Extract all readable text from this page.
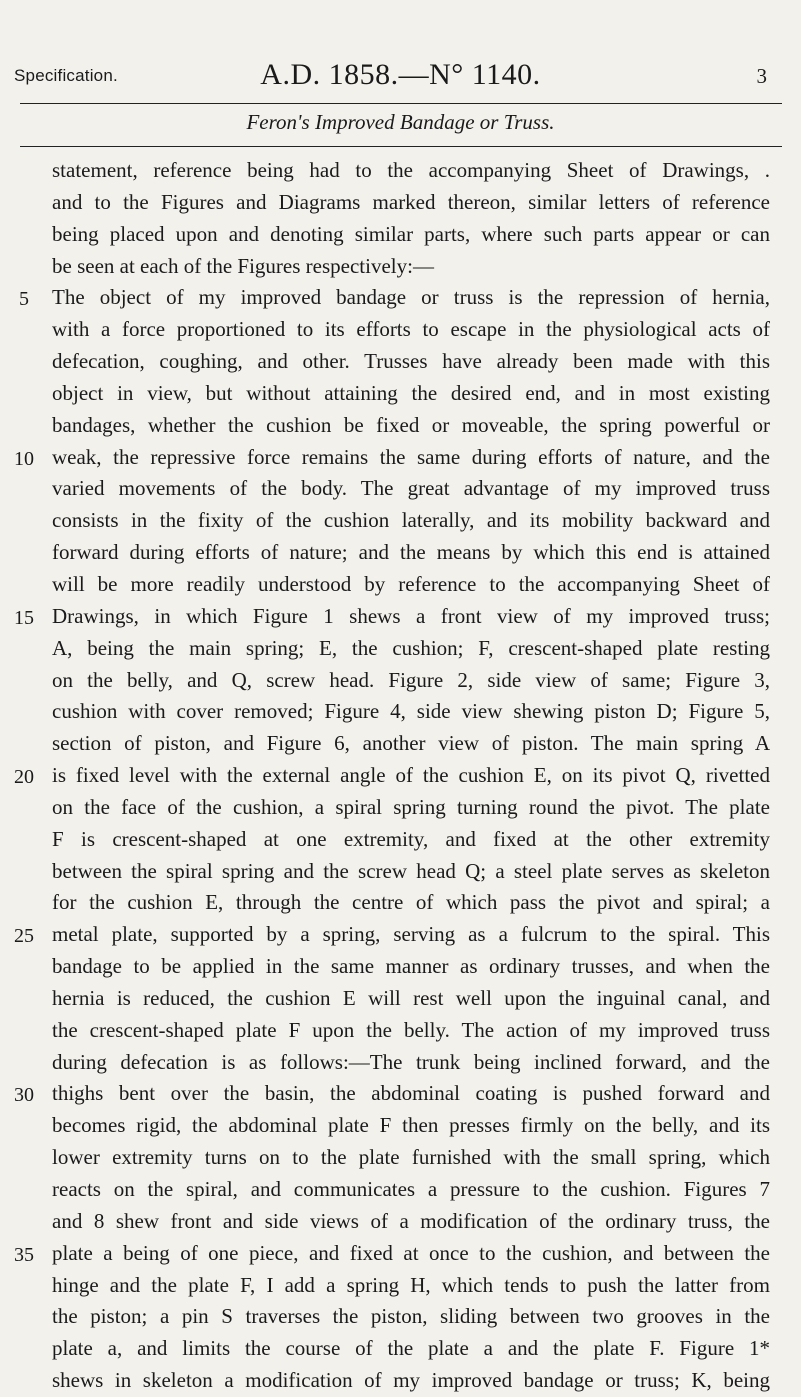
Specification.	A.D. 1858.—N° 1140.	3
Feron's Improved Bandage or Truss.
statement, reference being had to the accompanying Sheet of Drawings, .
and to the Figures and Diagrams marked thereon, similar letters of reference
being placed upon and denoting similar parts, where such parts appear or can
be seen at each of the Figures respectively:—
5	The object of my improved bandage or truss is the repression of hernia,
with a force proportioned to its efforts to escape in the physiological acts of
defecation, coughing, and other. Trusses have already been made with this
object in view, but without attaining the desired end, and in most existing
bandages, whether the cushion be fixed or moveable, the spring powerful or
10 weak, the repressive force remains the same during efforts of nature, and the
varied movements of the body. The great advantage of my improved truss
consists in the fixity of the cushion laterally, and its mobility backward and
forward during efforts of nature; and the means by which this end is attained
will be more readily understood by reference to the accompanying Sheet of
15 Drawings, in which Figure 1 shews a front view of my improved truss;
A, being the main spring; E, the cushion; F, crescent-shaped plate resting
on the belly, and Q, screw head. Figure 2, side view of same; Figure 3,
cushion with cover removed; Figure 4, side view shewing piston D; Figure 5,
section of piston, and Figure 6, another view of piston. The main spring A
20 is fixed level with the external angle of the cushion E, on its pivot Q, rivetted
on the face of the cushion, a spiral spring turning round the pivot. The plate
F is crescent-shaped at one extremity, and fixed at the other extremity
between the spiral spring and the screw head Q; a steel plate serves as skeleton
for the cushion E, through the centre of which pass the pivot and spiral; a
25 metal plate, supported by a spring, serving as a fulcrum to the spiral. This
bandage to be applied in the same manner as ordinary trusses, and when the
hernia is reduced, the cushion E will rest well upon the inguinal canal, and
the crescent-shaped plate F upon the belly. The action of my improved truss
during defecation is as follows:—The trunk being inclined forward, and the
30 thighs bent over the basin, the abdominal coating is pushed forward and
becomes rigid, the abdominal plate F then presses firmly on the belly, and its
lower extremity turns on to the plate furnished with the small spring, which
reacts on the spiral, and communicates a pressure to the cushion. Figures 7
and 8 shew front and side views of a modification of the ordinary truss, the
35 plate a being of one piece, and fixed at once to the cushion, and between the
hinge and the plate F, I add a spring H, which tends to push the latter from
the piston; a pin S traverses the piston, sliding between two grooves in the
plate a, and limits the course of the plate a and the plate F. Figure 1*
shews in skeleton a modification of my improved bandage or truss; K, being
